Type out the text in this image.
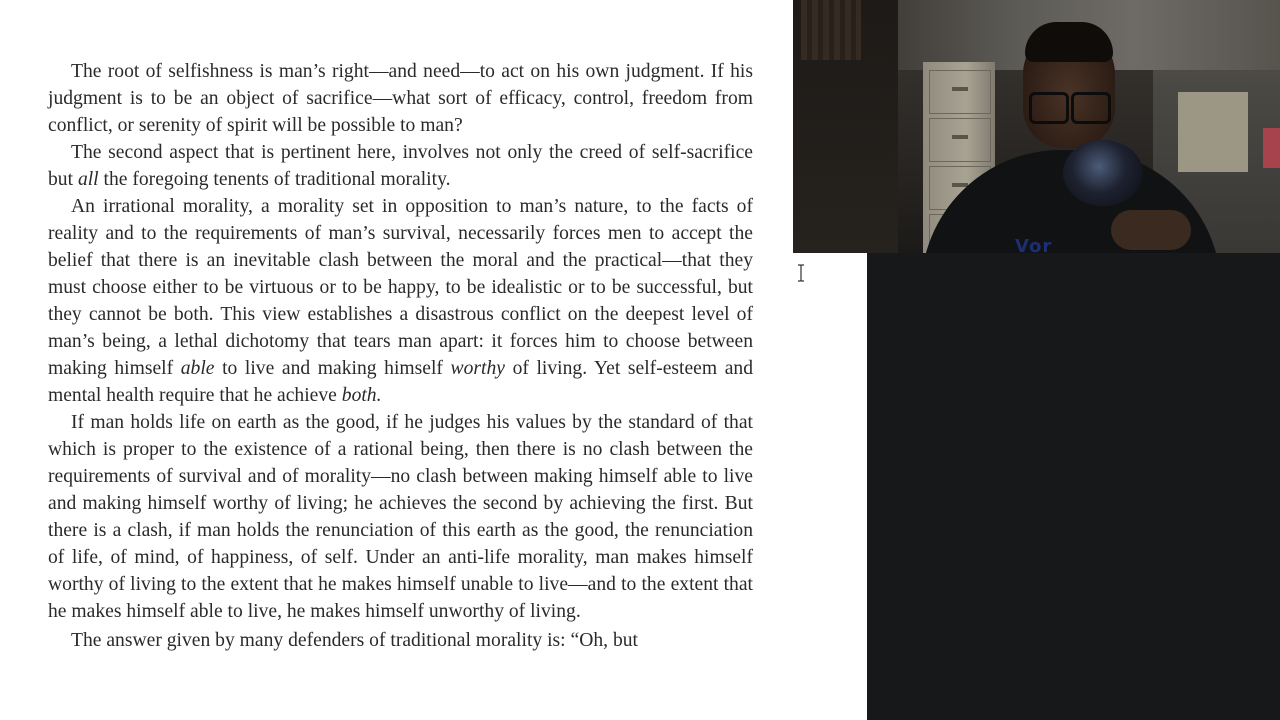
The root of selfishness is man’s right—and need—to act on his own judgment. If his judgment is to be an object of sacrifice—what sort of efficacy, control, freedom from conflict, or serenity of spirit will be possible to man?

The second aspect that is pertinent here, involves not only the creed of self-sacrifice but all the foregoing tenents of traditional morality.

An irrational morality, a morality set in opposition to man’s nature, to the facts of reality and to the requirements of man’s survival, necessarily forces men to accept the belief that there is an inevitable clash between the moral and the practical—that they must choose either to be virtuous or to be happy, to be idealistic or to be successful, but they cannot be both. This view establishes a disastrous conflict on the deepest level of man’s being, a lethal dichotomy that tears man apart: it forces him to choose between making himself able to live and making himself worthy of living. Yet self-esteem and mental health require that he achieve both.

If man holds life on earth as the good, if he judges his values by the standard of that which is proper to the existence of a rational being, then there is no clash between the requirements of survival and of morality—no clash between making himself able to live and making himself worthy of living; he achieves the second by achieving the first. But there is a clash, if man holds the renunciation of this earth as the good, the renunciation of life, of mind, of happiness, of self. Under an anti-life morality, man makes himself worthy of living to the extent that he makes himself unable to live—and to the extent that he makes himself able to live, he makes himself unworthy of living.

The answer given by many defenders of traditional morality is: “Oh, but

Vor
